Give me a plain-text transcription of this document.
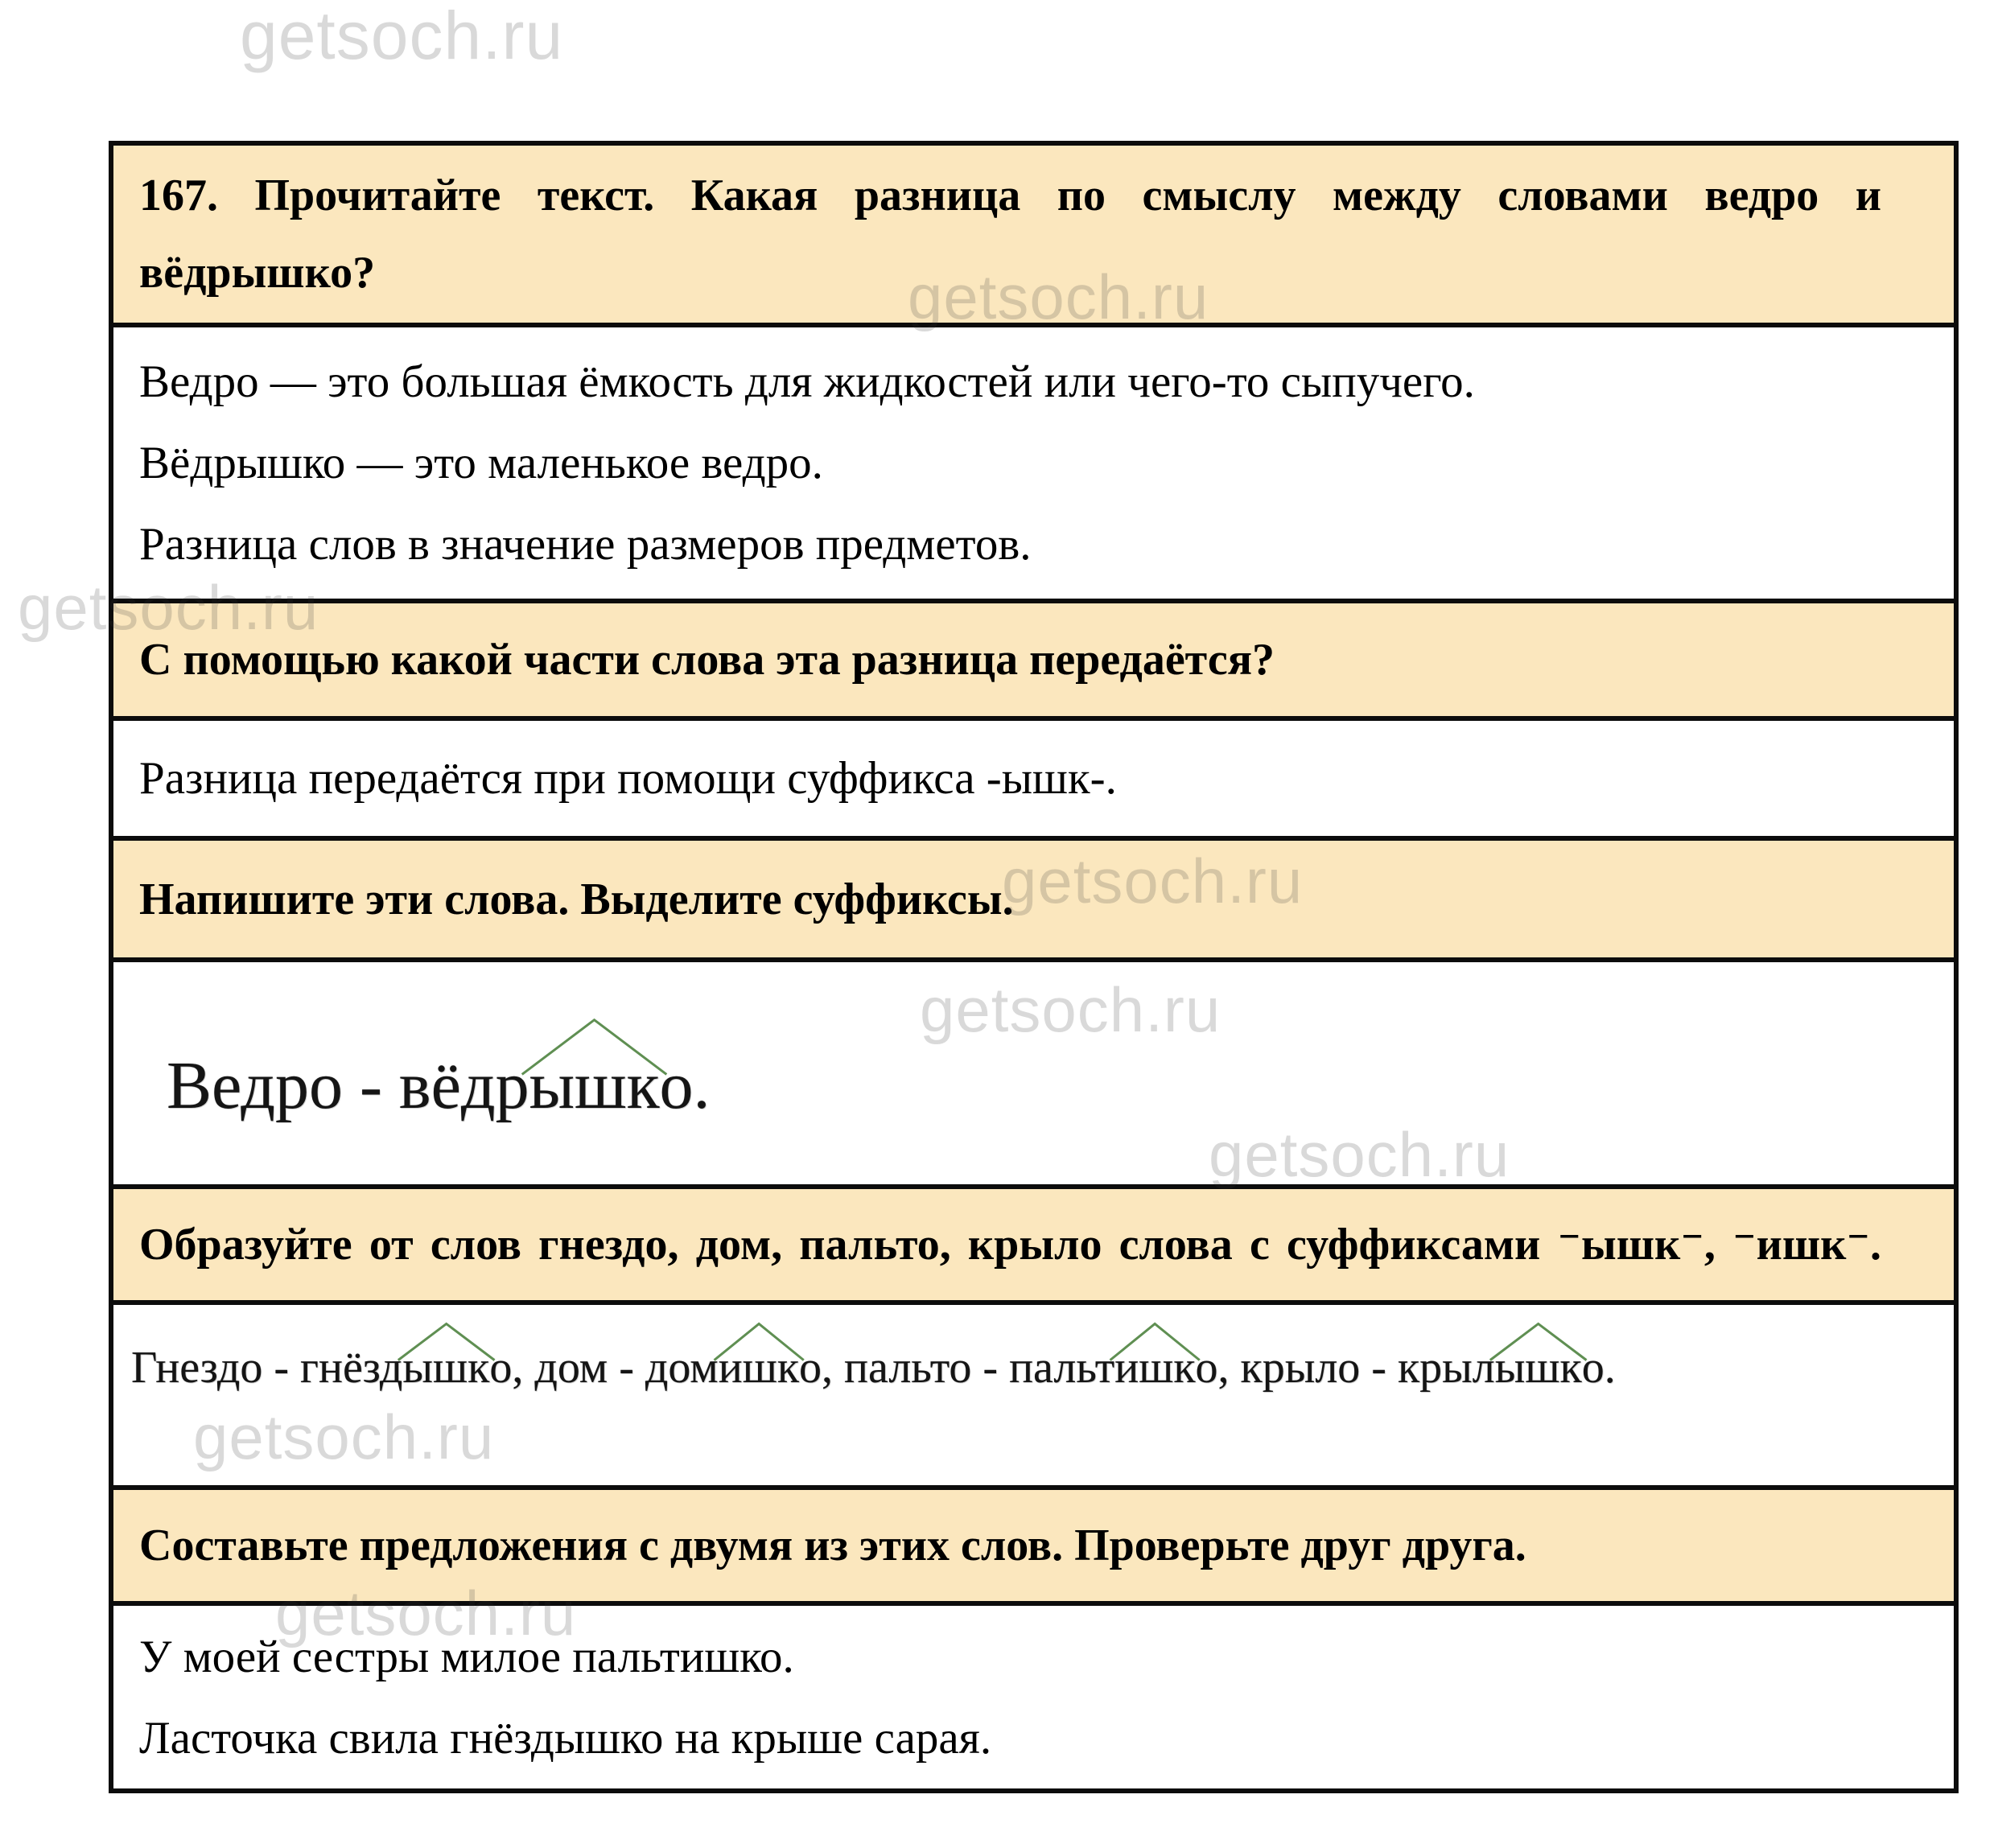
getsoch.ru
167. Прочитайте текст. Какая разница по смыслу между словами ведро и
вёдрышко?

Ведро — это большая ёмкость для жидкостей или чего-то сыпучего.

Вёдрышко — это маленькое ведро.

Разница слов в значение размеров предметов.

С помощью какой части слова эта разница передаётся?

Разница передаётся при помощи суффикса -ышк-.

Напишите эти слова. Выделите суффиксы.
Ведро - вёдр
ышко.
Образуйте от слов гнездо, дом, пальто, крыло слова с суффиксами ⁻ышк⁻, ⁻ишк⁻.
Гнездо - гнёзд
ышко, дом - дом
ишко, пальто - пальт
ишко, крыло - крыл
ышко.
Составьте предложения с двумя из этих слов. Проверьте друг друга.

У моей сестры милое пальтишко.

Ласточка свила гнёздышко на крыше сарая.
